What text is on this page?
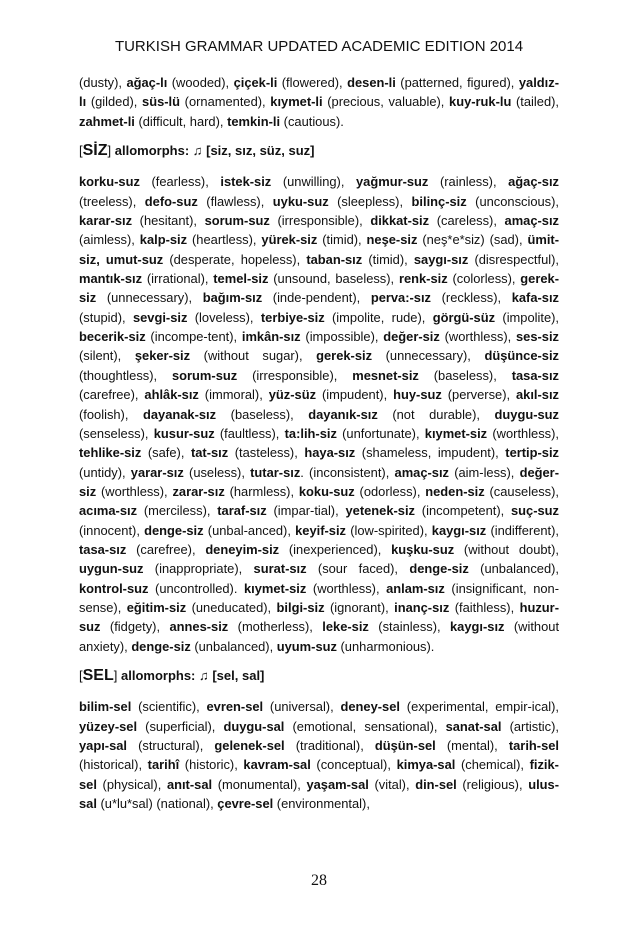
TURKISH GRAMMAR UPDATED ACADEMIC EDITION 2014

(dusty), ağaç-lı (wooded), çiçek-li (flowered), desen-li (patterned, figured), yaldız-lı (gilded), süs-lü (ornamented), kıymet-li (precious, valuable), kuy-ruk-lu (tailed), zahmet-li (difficult, hard), temkin-li (cautious).

[SİZ] allomorphs: ♫ [siz, sız, süz, suz]

korku-suz (fearless), istek-siz (unwilling), yağmur-suz (rainless), ağaç-sız (treeless), defo-suz (flawless), uyku-suz (sleepless), bilinç-siz (unconscious), karar-sız (hesitant), sorum-suz (irresponsible), dikkat-siz (careless), amaç-sız (aimless), kalp-siz (heartless), yürek-siz (timid), neşe-siz (neş*e*siz) (sad), ümit-siz, umut-suz (desperate, hopeless), taban-sız (timid), saygı-sız (disrespectful), mantık-sız (irrational), temel-siz (unsound, baseless), renk-siz (colorless), gerek-siz (unnecessary), bağım-sız (inde-pendent), perva:-sız (reckless), kafa-sız (stupid), sevgi-siz (loveless), terbiye-siz (impolite, rude), görgü-süz (impolite), becerik-siz (incompe-tent), imkân-sız (impossible), değer-siz (worthless), ses-siz (silent), şeker-siz (without sugar), gerek-siz (unnecessary), düşünce-siz (thoughtless), sorum-suz (irresponsible), mesnet-siz (baseless), tasa-sız (carefree), ahlâk-sız (immoral), yüz-süz (impudent), huy-suz (perverse), akıl-sız (foolish), dayanak-sız (baseless), dayanık-sız (not durable), duygu-suz (senseless), kusur-suz (faultless), ta:lih-siz (unfortunate), kıymet-siz (worthless), tehlike-siz (safe), tat-sız (tasteless), haya-sız (shameless, impudent), tertip-siz (untidy), yarar-sız (useless), tutar-sız. (inconsistent), amaç-sız (aim-less), değer-siz (worthless), zarar-sız (harmless), koku-suz (odorless), neden-siz (causeless), acıma-sız (merciless), taraf-sız (impar-tial), yetenek-siz (incompetent), suç-suz (innocent), denge-siz (unbal-anced), keyif-siz (low-spirited), kaygı-sız (indifferent), tasa-sız (carefree), deneyim-siz (inexperienced), kuşku-suz (without doubt), uygun-suz (inappropriate), surat-sız (sour faced), denge-siz (unbalanced), kontrol-suz (uncontrolled). kıymet-siz (worthless), anlam-sız (insignificant, non-sense), eğitim-siz (uneducated), bilgi-siz (ignorant), inanç-sız (faithless), huzur-suz (fidgety), annes-siz (motherless), leke-siz (stainless), kaygı-sız (without anxiety), denge-siz (unbalanced), uyum-suz (unharmonious).

[SEL] allomorphs: ♫ [sel, sal]

bilim-sel (scientific), evren-sel (universal), deney-sel (experimental, empir-ical), yüzey-sel (superficial), duygu-sal (emotional, sensational), sanat-sal (artistic), yapı-sal (structural), gelenek-sel (traditional), düşün-sel (mental), tarih-sel (historical), tarihî (historic), kavram-sal (conceptual), kimya-sal (chemical), fizik-sel (physical), anıt-sal (monumental), yaşam-sal (vital), din-sel (religious), ulus-sal (u*lu*sal) (national), çevre-sel (environmental),

28
